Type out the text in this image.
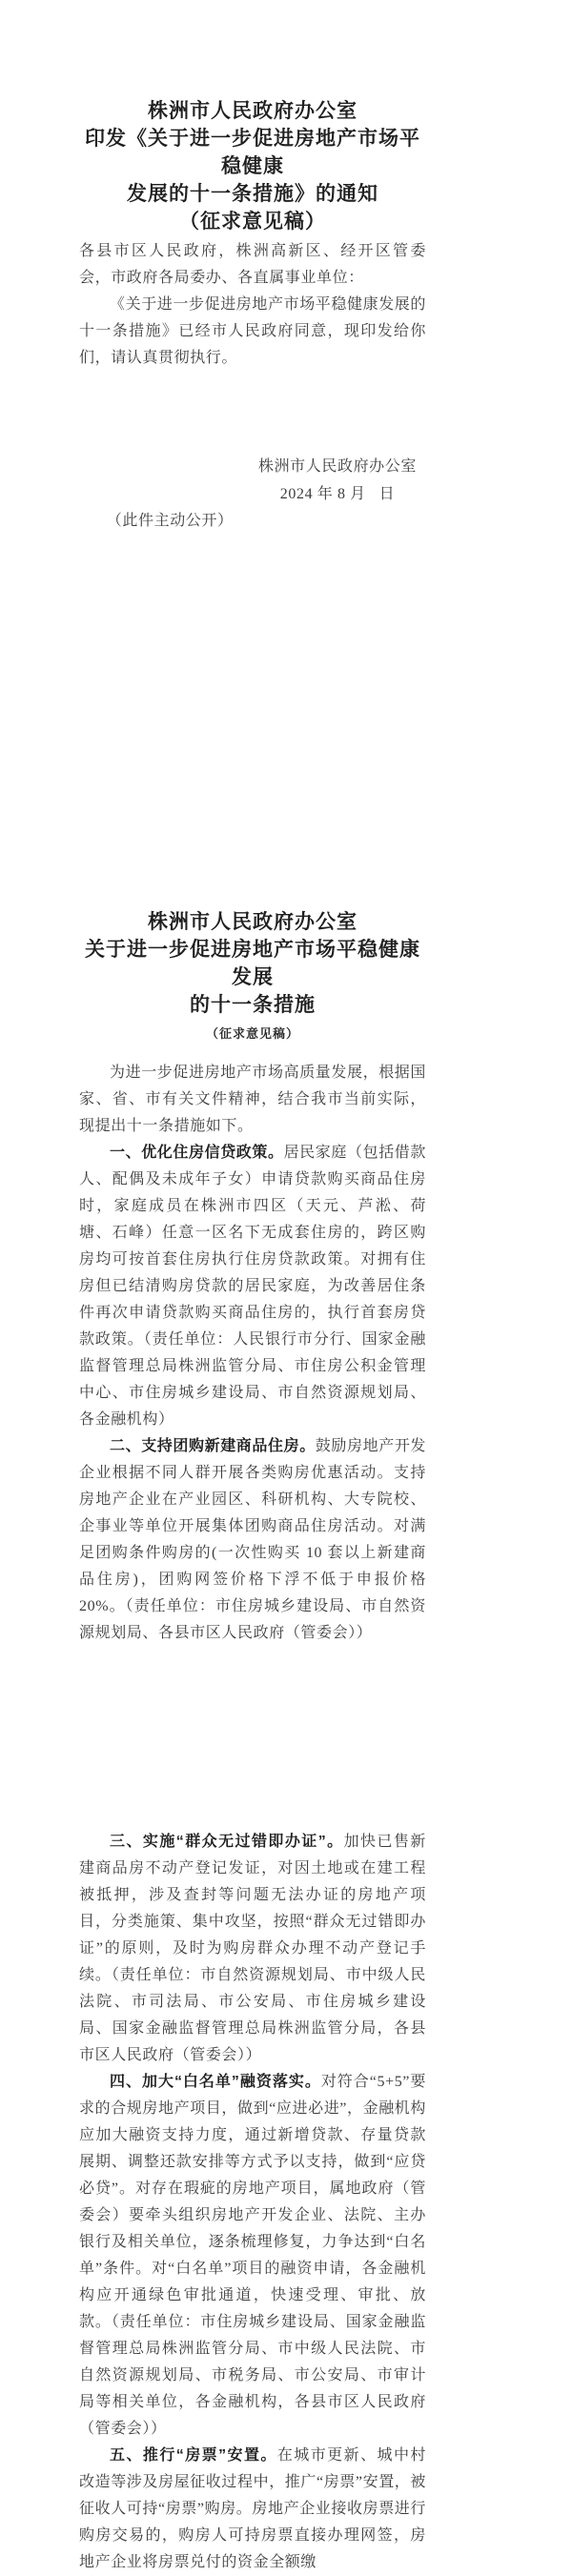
株洲市人民政府办公室
印发《关于进一步促进房地产市场平稳健康
发展的十一条措施》的通知
（征求意见稿）

各县市区人民政府，株洲高新区、经开区管委会，市政府各局委办、各直属事业单位：

《关于进一步促进房地产市场平稳健康发展的十一条措施》已经市人民政府同意，现印发给你们，请认真贯彻执行。

株洲市人民政府办公室
2024 年 8 月   日

（此件主动公开）

株洲市人民政府办公室
关于进一步促进房地产市场平稳健康发展
的十一条措施
（征求意见稿）

为进一步促进房地产市场高质量发展，根据国家、省、市有关文件精神，结合我市当前实际，现提出十一条措施如下。

一、优化住房信贷政策。居民家庭（包括借款人、配偶及未成年子女）申请贷款购买商品住房时，家庭成员在株洲市四区（天元、芦淞、荷塘、石峰）任意一区名下无成套住房的，跨区购房均可按首套住房执行住房贷款政策。对拥有住房但已结清购房贷款的居民家庭，为改善居住条件再次申请贷款购买商品住房的，执行首套房贷款政策。（责任单位：人民银行市分行、国家金融监督管理总局株洲监管分局、市住房公积金管理中心、市住房城乡建设局、市自然资源规划局、各金融机构）

二、支持团购新建商品住房。鼓励房地产开发企业根据不同人群开展各类购房优惠活动。支持房地产企业在产业园区、科研机构、大专院校、企事业等单位开展集体团购商品住房活动。对满足团购条件购房的(一次性购买 10 套以上新建商品住房)，团购网签价格下浮不低于申报价格 20%。（责任单位：市住房城乡建设局、市自然资源规划局、各县市区人民政府（管委会））

三、实施“群众无过错即办证”。加快已售新建商品房不动产登记发证，对因土地或在建工程被抵押，涉及查封等问题无法办证的房地产项目，分类施策、集中攻坚，按照“群众无过错即办证”的原则，及时为购房群众办理不动产登记手续。（责任单位：市自然资源规划局、市中级人民法院、市司法局、市公安局、市住房城乡建设局、国家金融监督管理总局株洲监管分局，各县市区人民政府（管委会））

四、加大“白名单”融资落实。对符合“5+5”要求的合规房地产项目，做到“应进必进”，金融机构应加大融资支持力度，通过新增贷款、存量贷款展期、调整还款安排等方式予以支持，做到“应贷必贷”。对存在瑕疵的房地产项目，属地政府（管委会）要牵头组织房地产开发企业、法院、主办银行及相关单位，逐条梳理修复，力争达到“白名单”条件。对“白名单”项目的融资申请，各金融机构应开通绿色审批通道，快速受理、审批、放款。（责任单位：市住房城乡建设局、国家金融监督管理总局株洲监管分局、市中级人民法院、市自然资源规划局、市税务局、市公安局、市审计局等相关单位，各金融机构，各县市区人民政府（管委会））

五、推行“房票”安置。在城市更新、城中村改造等涉及房屋征收过程中，推广“房票”安置，被征收人可持“房票”购房。房地产企业接收房票进行购房交易的，购房人可持房票直接办理网签，房地产企业将房票兑付的资金全额缴
